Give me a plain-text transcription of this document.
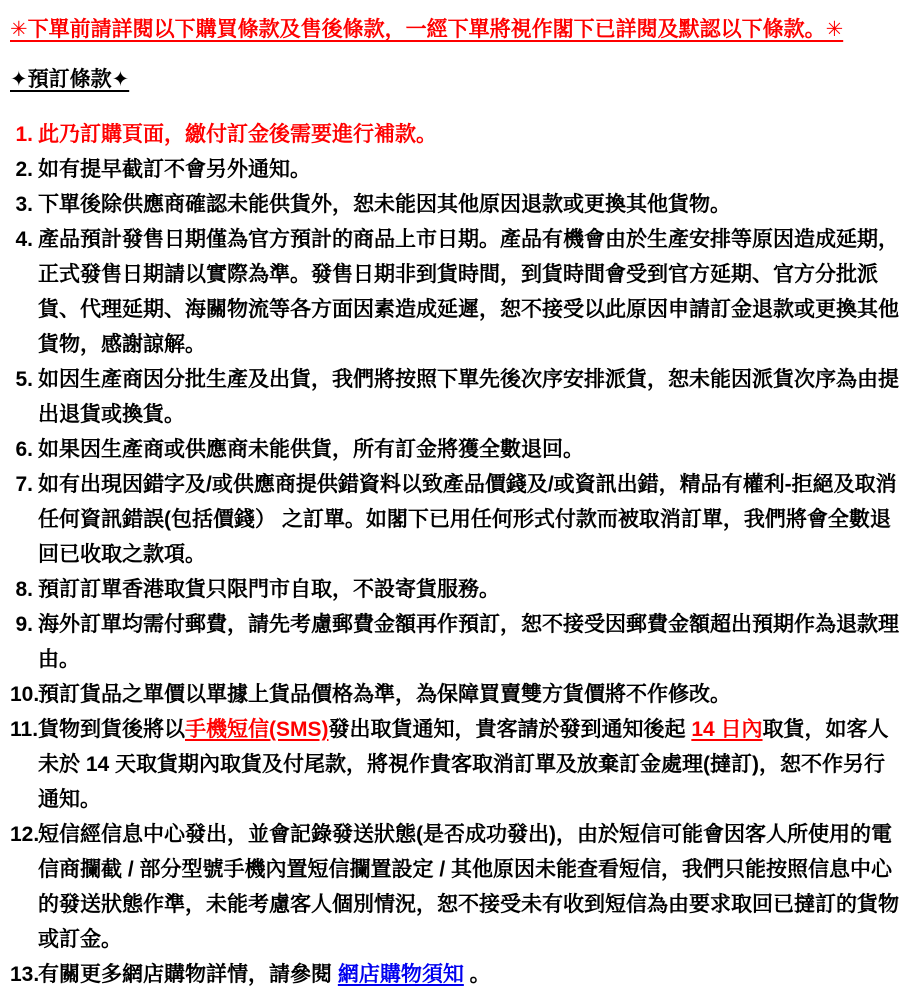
✳下單前請詳閱以下購買條款及售後條款，一經下單將視作閣下已詳閱及默認以下條款。✳
✦預訂條款✦
1. 此乃訂購頁面，繳付訂金後需要進行補款。
2. 如有提早截訂不會另外通知。
3. 下單後除供應商確認未能供貨外，恕未能因其他原因退款或更換其他貨物。
4. 產品預計發售日期僅為官方預計的商品上市日期。產品有機會由於生產安排等原因造成延期，正式發售日期請以實際為準。發售日期非到貨時間，到貨時間會受到官方延期、官方分批派貨、代理延期、海關物流等各方面因素造成延遲，恕不接受以此原因申請訂金退款或更換其他貨物，感謝諒解。
5. 如因生產商因分批生產及出貨，我們將按照下單先後次序安排派貨，恕未能因派貨次序為由提出退貨或換貨。
6. 如果因生產商或供應商未能供貨，所有訂金將獲全數退回。
7. 如有出現因錯字及/或供應商提供錯資料以致產品價錢及/或資訊出錯，精品有權利-拒絕及取消任何資訊錯誤(包括價錢） 之訂單。如閣下已用任何形式付款而被取消訂單，我們將會全數退回已收取之款項。
8. 預訂訂單香港取貨只限門市自取，不設寄貨服務。
9. 海外訂單均需付郵費，請先考慮郵費金額再作預訂，恕不接受因郵費金額超出預期作為退款理由。
10.
預訂貨品之單價以單據上貨品價格為準，為保障買賣雙方貨價將不作修改。
11. 貨物到貨後將以手機短信(SMS)發出取貨通知，貴客請於發到通知後起 14 日內取貨，如客人未於 14 天取貨期內取貨及付尾款，將視作貴客取消訂單及放棄訂金處理(撻訂)，恕不作另行通知。
12.
短信經信息中心發出，並會記錄發送狀態(是否成功發出)，由於短信可能會因客人所使用的電信商攔截 / 部分型號手機內置短信攔置設定 / 其他原因未能查看短信，我們只能按照信息中心的發送狀態作準，未能考慮客人個別情況，恕不接受未有收到短信為由要求取回已撻訂的貨物或訂金。
13.
有關更多網店購物詳情，請參閱 網店購物須知 。
